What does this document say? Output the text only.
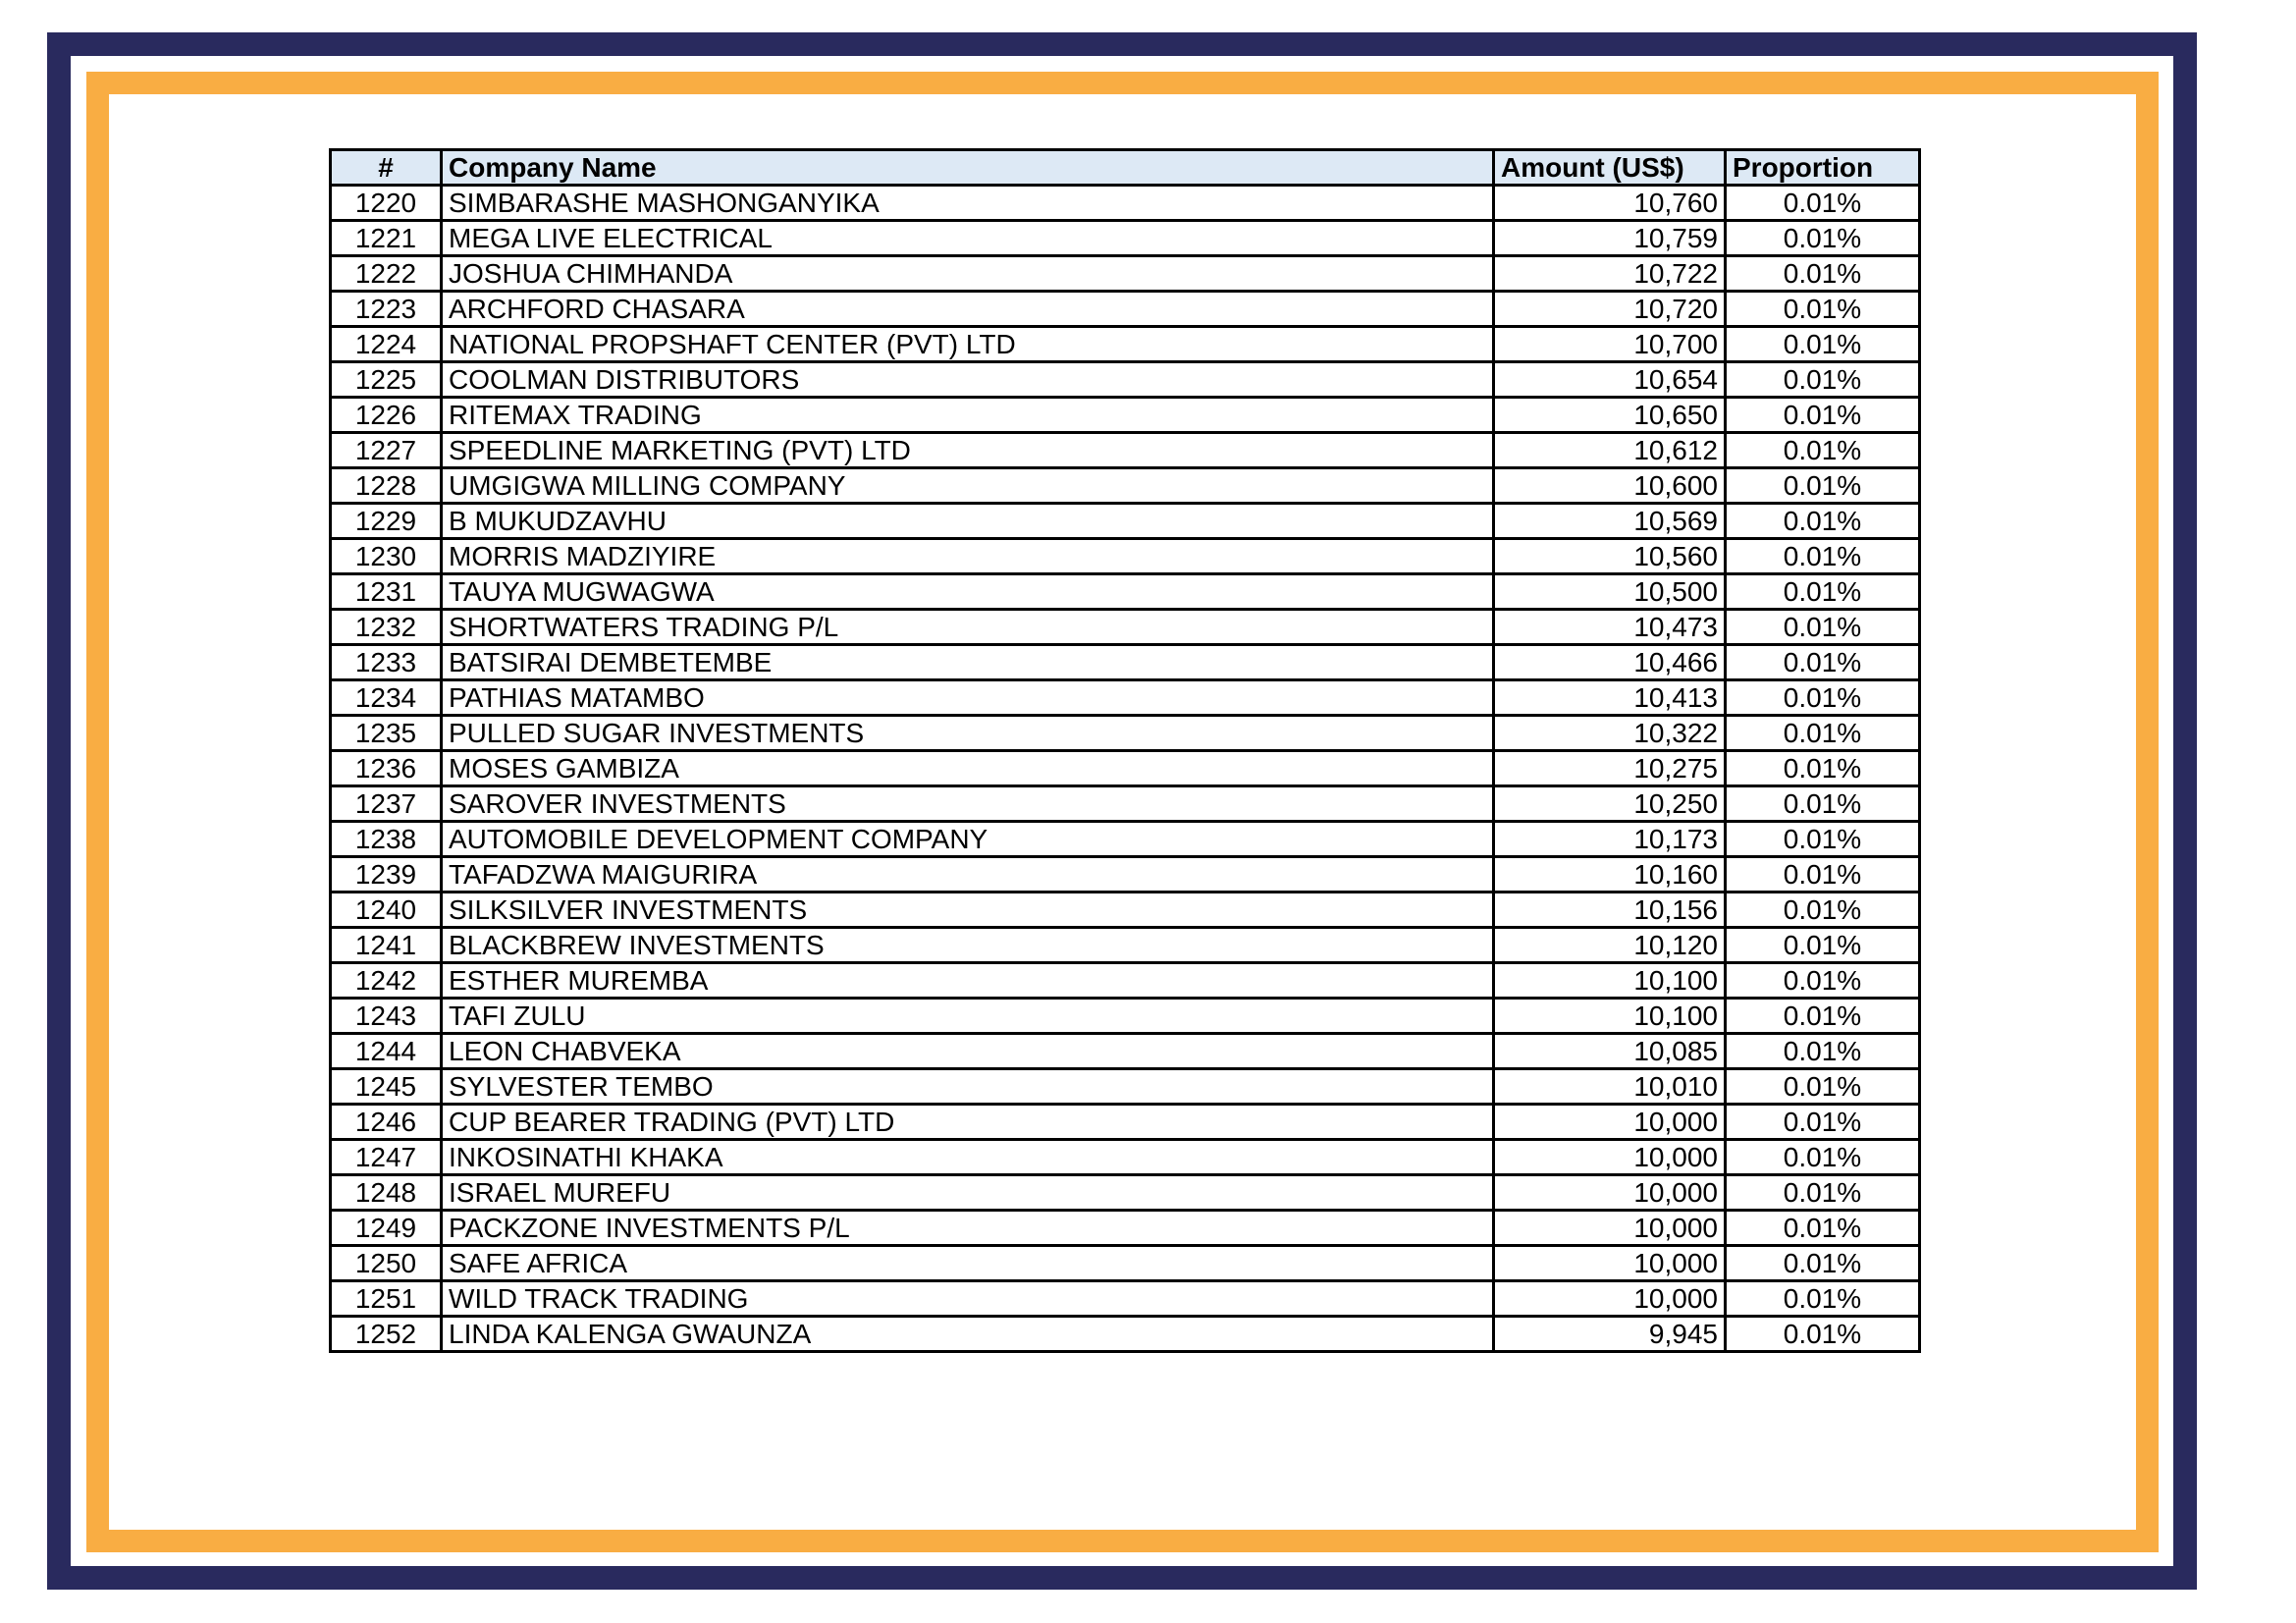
#	Company Name	Amount (US$)	Proportion
1220	SIMBARASHE MASHONGANYIKA	10,760	0.01%
1221	MEGA LIVE ELECTRICAL	10,759	0.01%
1222	JOSHUA CHIMHANDA	10,722	0.01%
1223	ARCHFORD CHASARA	10,720	0.01%
1224	NATIONAL PROPSHAFT CENTER (PVT) LTD	10,700	0.01%
1225	COOLMAN DISTRIBUTORS	10,654	0.01%
1226	RITEMAX TRADING	10,650	0.01%
1227	SPEEDLINE MARKETING (PVT) LTD	10,612	0.01%
1228	UMGIGWA MILLING COMPANY	10,600	0.01%
1229	B MUKUDZAVHU	10,569	0.01%
1230	MORRIS MADZIYIRE	10,560	0.01%
1231	TAUYA MUGWAGWA	10,500	0.01%
1232	SHORTWATERS TRADING P/L	10,473	0.01%
1233	BATSIRAI DEMBETEMBE	10,466	0.01%
1234	PATHIAS MATAMBO	10,413	0.01%
1235	PULLED SUGAR INVESTMENTS	10,322	0.01%
1236	MOSES GAMBIZA	10,275	0.01%
1237	SAROVER INVESTMENTS	10,250	0.01%
1238	AUTOMOBILE DEVELOPMENT COMPANY	10,173	0.01%
1239	TAFADZWA MAIGURIRA	10,160	0.01%
1240	SILKSILVER INVESTMENTS	10,156	0.01%
1241	BLACKBREW INVESTMENTS	10,120	0.01%
1242	ESTHER MUREMBA	10,100	0.01%
1243	TAFI ZULU	10,100	0.01%
1244	LEON CHABVEKA	10,085	0.01%
1245	SYLVESTER TEMBO	10,010	0.01%
1246	CUP BEARER TRADING (PVT) LTD	10,000	0.01%
1247	INKOSINATHI KHAKA	10,000	0.01%
1248	ISRAEL MUREFU	10,000	0.01%
1249	PACKZONE INVESTMENTS P/L	10,000	0.01%
1250	SAFE AFRICA	10,000	0.01%
1251	WILD TRACK TRADING	10,000	0.01%
1252	LINDA KALENGA GWAUNZA	9,945	0.01%
